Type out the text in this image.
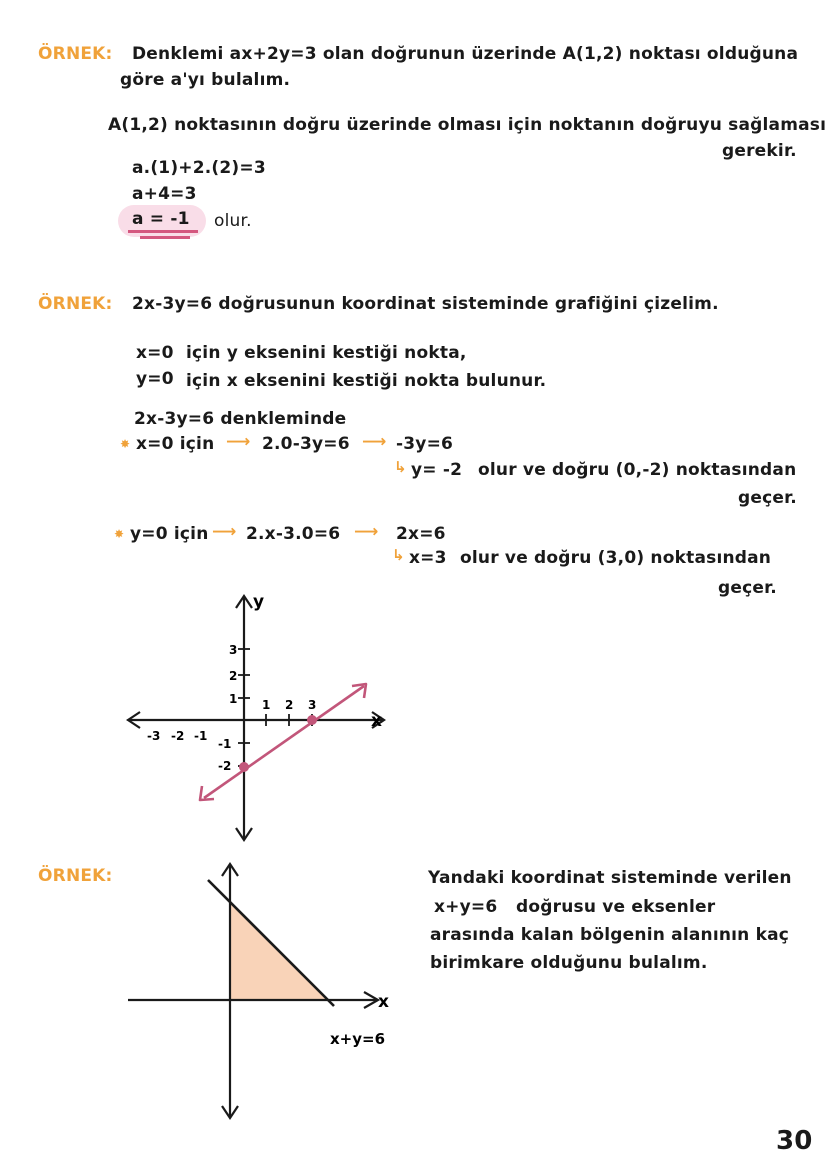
ÖRNEK: Denklemi ax+2y=3 olan doğrunun üzerinde A(1,2) noktası olduğuna
göre a'yı bulalım.
A(1,2) noktasının doğru üzerinde olması için noktanın doğruyu sağlaması
gerekir.
a.(1)+2.(2)=3
a+4=3
a = -1 olur.
ÖRNEK: 2x-3y=6 doğrusunun koordinat sisteminde grafiğini çizelim.
x=0 için y eksenini kestiği nokta,
y=0 için x eksenini kestiği nokta bulunur.
2x-3y=6 denkleminde
✸ x=0 için ⟶ 2.0-3y=6 ⟶ -3y=6
↳ y= -2 olur ve doğru (0,-2) noktasından
geçer.
✸ y=0 için ⟶ 2.x-3.0=6 ⟶ 2x=6
↳ x=3 olur ve doğru (3,0) noktasından
geçer.
y
x
1 2 3
-3 -2 -1
3
2
1
-1
-2
ÖRNEK:
x
x+y=6
Yandaki koordinat sisteminde verilen
x+y=6 doğrusu ve eksenler
arasında kalan bölgenin alanının kaç
birimkare olduğunu bulalım.
30
